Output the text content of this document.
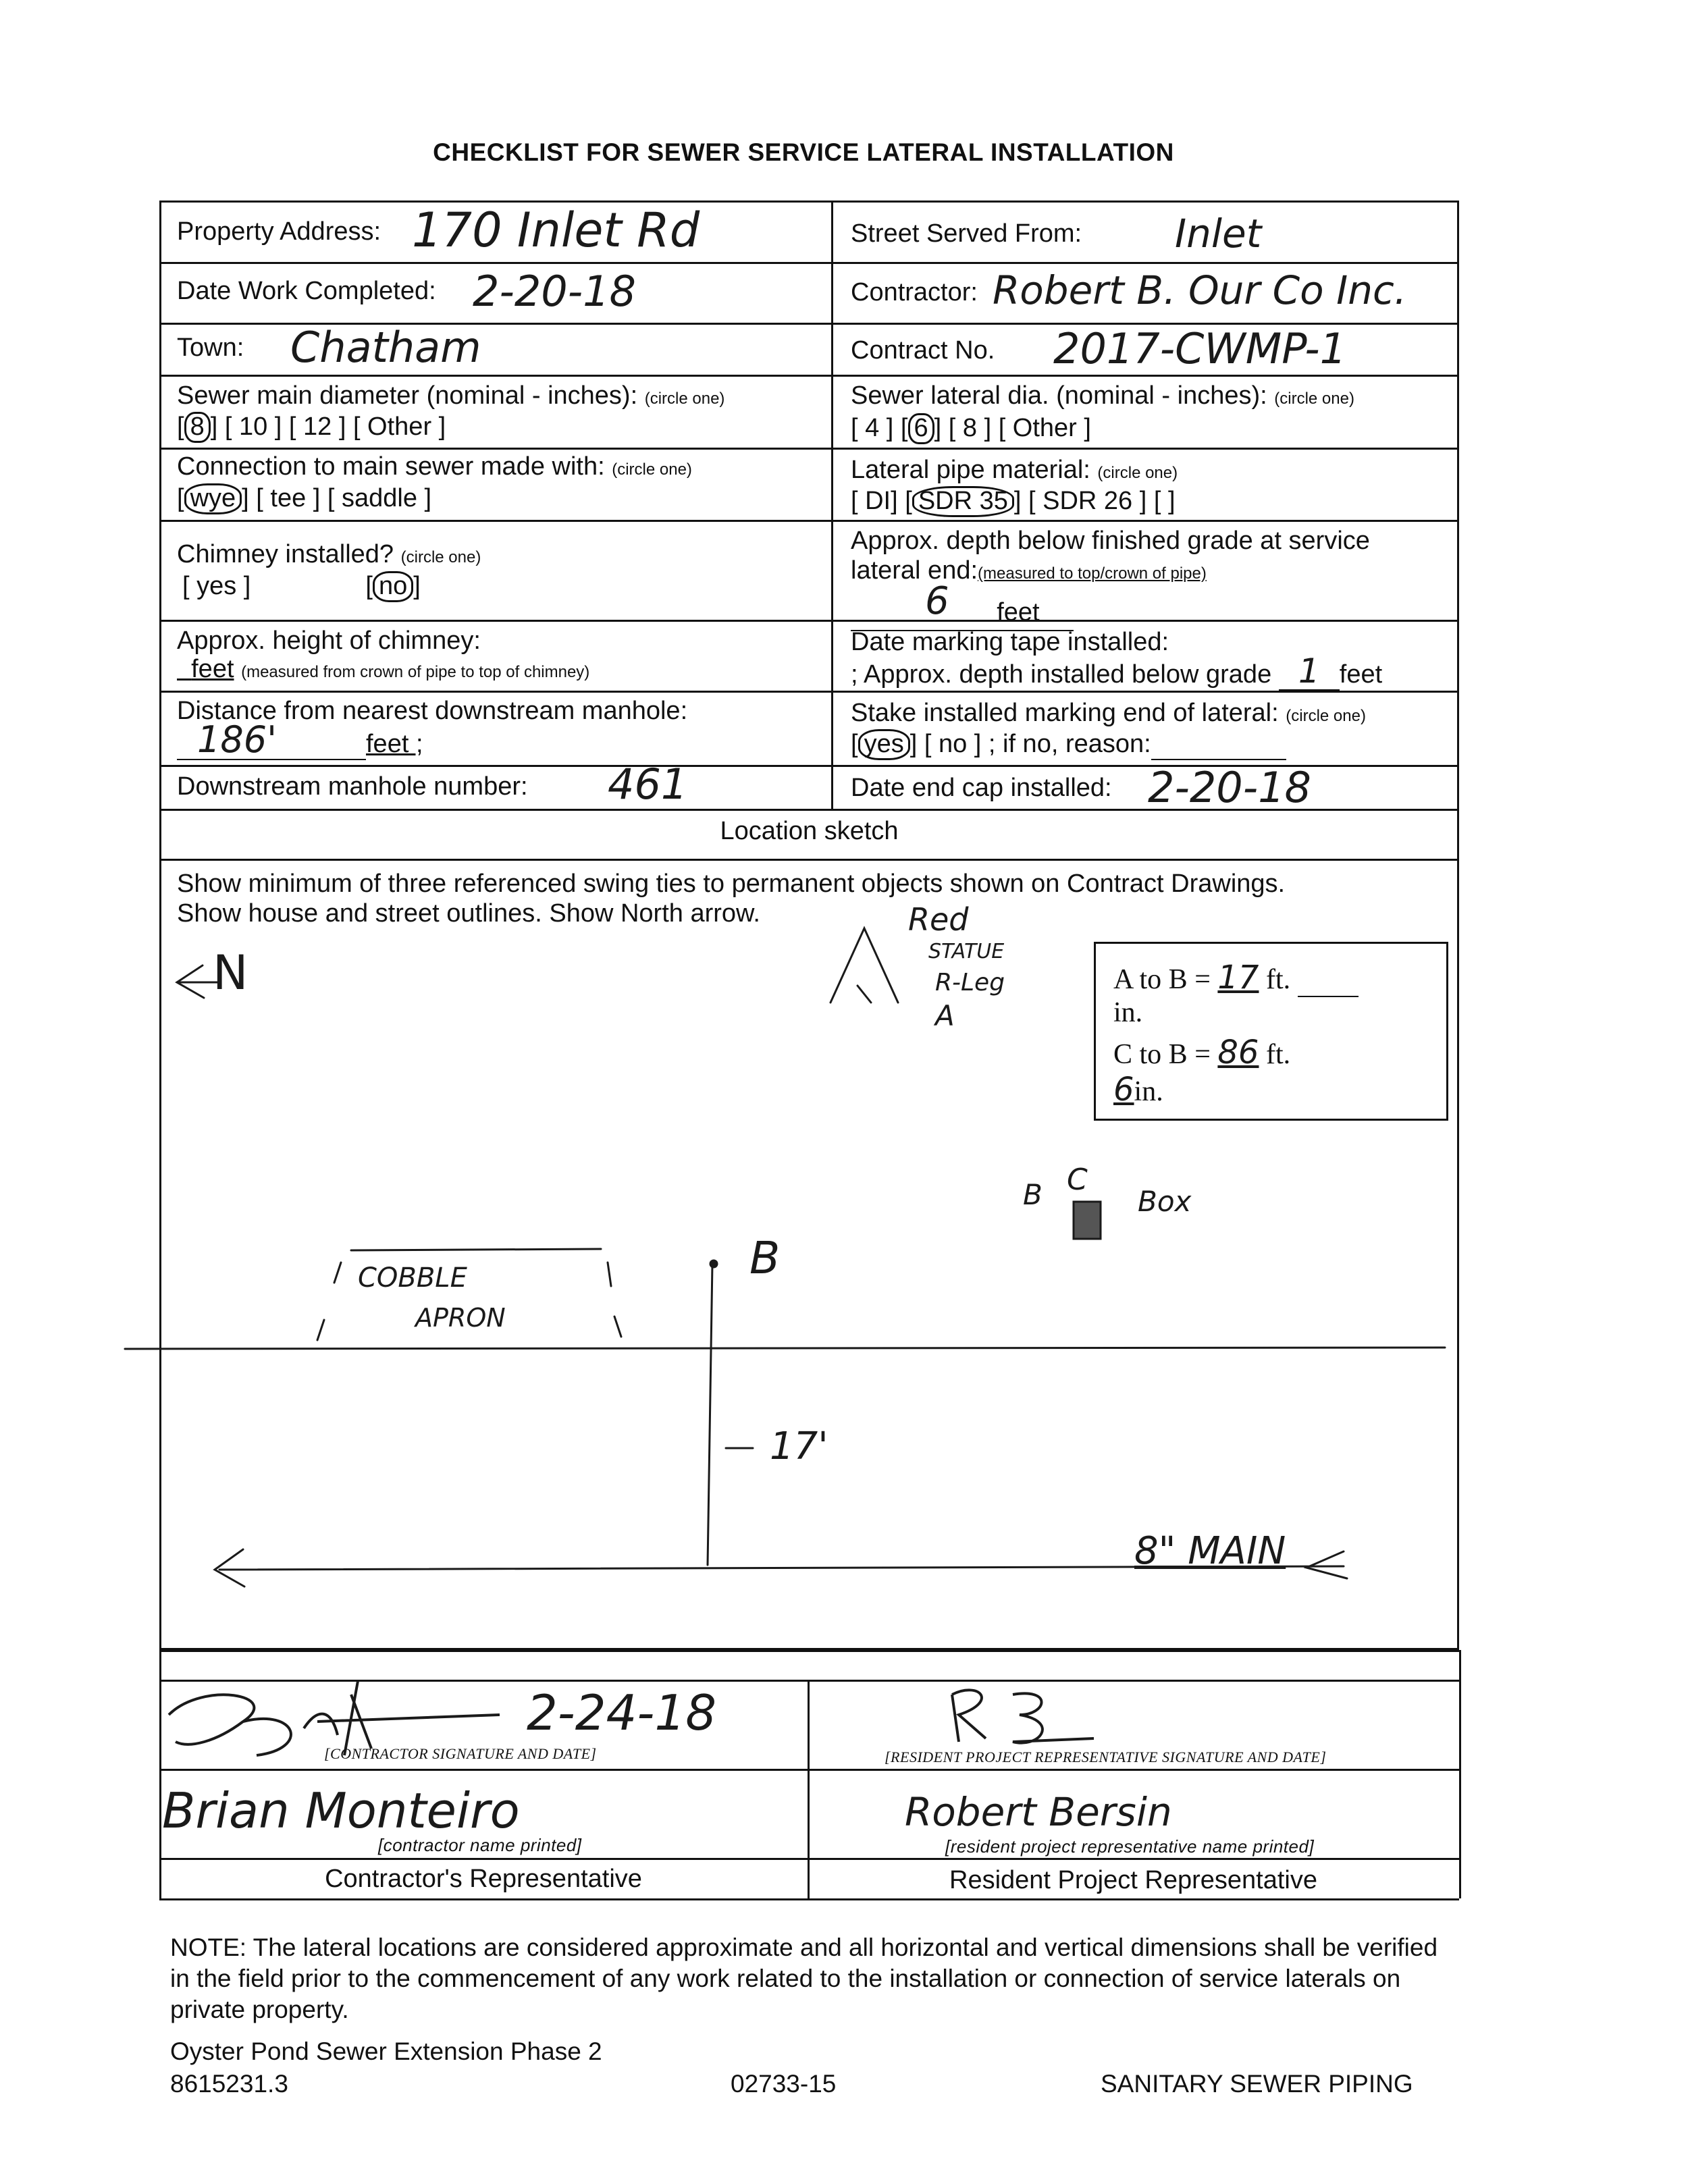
CHECKLIST FOR SEWER SERVICE LATERAL INSTALLATION
Property Address: 170 Inlet Rd	Street Served From: Inlet
Date Work Completed: 2-20-18	Contractor: Robert B. Our Co Inc.
Town: Chatham	Contract No. 2017-CWMP-1
Sewer main diameter (nominal - inches): (circle one)
[ 8 ] [ 10 ] [ 12 ] [ Other ]
Sewer lateral dia. (nominal - inches): (circle one)
[ 4 ] [ 6 ] [ 8 ] [ Other ]
Connection to main sewer made with: (circle one)
[ wye ] [ tee ] [ saddle ]
Lateral pipe material: (circle one)
[ DI] [ SDR 35 ] [ SDR 26 ] [ ]
Chimney installed? (circle one)
[ yes ]	[ no ]
Approx. depth below finished grade at service
lateral end:(measured to top/crown of pipe)
6 feet
Approx. height of chimney:
feet (measured from crown of pipe to top of chimney)
Date marking tape installed:
; Approx. depth installed below grade 1 feet
Distance from nearest downstream manhole:
186'	feet ;
Stake installed marking end of lateral: (circle one)
[ yes ] [ no ] ; if no, reason:
Downstream manhole number: 461	Date end cap installed: 2-20-18
Location sketch
Show minimum of three referenced swing ties to permanent objects shown on Contract Drawings.
Show house and street outlines. Show North arrow.
N
Red
STATUE
R-Leg
A
A to B = 17 ft.
in.
C to B = 86 ft.
6in.
B C
Box
COBBLE
APRON
B
17'
8" MAIN
2-24-18
[CONTRACTOR SIGNATURE AND DATE]	[RESIDENT PROJECT REPRESENTATIVE SIGNATURE AND DATE]
Brian Monteiro
[contractor name printed]
Robert Bersin
[resident project representative name printed]
Contractor's Representative	Resident Project Representative
NOTE: The lateral locations are considered approximate and all horizontal and vertical dimensions shall be verified in the field prior to the commencement of any work related to the installation or connection of service laterals on private property.
Oyster Pond Sewer Extension Phase 2
8615231.3	02733-15	SANITARY SEWER PIPING
